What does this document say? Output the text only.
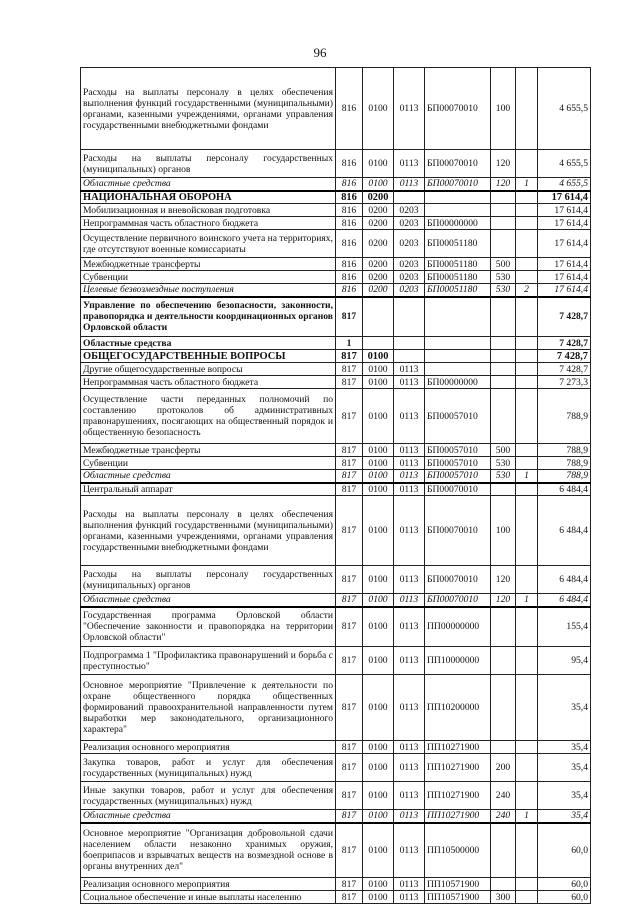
96
Расходы на выплаты персоналу в целях обеспечения выполнения функций государственными (муниципальными) органами, казенными учреждениями, органами управления государственными внебюджетными фондами	816	0100	0113	БП00070010	100		4 655,5
Расходы на выплаты персоналу государственных (муниципальных) органов	816	0100	0113	БП00070010	120		4 655,5
Областные средства	816	0100	0113	БП00070010	120	1	4 655,5
НАЦИОНАЛЬНАЯ ОБОРОНА	816	0200					17 614,4
Мобилизационная и вневойсковая подготовка	816	0200	0203				17 614,4
Непрограммная часть областного бюджета	816	0200	0203	БП00000000			17 614,4
Осуществление первичного воинского учета на территориях, где отсутствуют военные комиссариаты	816	0200	0203	БП00051180			17 614,4
Межбюджетные трансферты	816	0200	0203	БП00051180	500		17 614,4
Субвенции	816	0200	0203	БП00051180	530		17 614,4
Целевые безвозмездные поступления	816	0200	0203	БП00051180	530	2	17 614,4
Управление по обеспечению безопасности, законности, правопорядка и деятельности координационных органов Орловской области	817						7 428,7
Областные средства	1						7 428,7
ОБЩЕГОСУДАРСТВЕННЫЕ ВОПРОСЫ	817	0100					7 428,7
Другие общегосударственные вопросы	817	0100	0113				7 428,7
Непрограммная часть областного бюджета	817	0100	0113	БП00000000			7 273,3
Осуществление части переданных полномочий по составлению протоколов об административных правонарушениях, посягающих на общественный порядок и общественную безопасность	817	0100	0113	БП00057010			788,9
Межбюджетные трансферты	817	0100	0113	БП00057010	500		788,9
Субвенции	817	0100	0113	БП00057010	530		788,9
Областные средства	817	0100	0113	БП00057010	530	1	788,9
Центральный аппарат	817	0100	0113	БП00070010			6 484,4
Расходы на выплаты персоналу в целях обеспечения выполнения функций государственными (муниципальными) органами, казенными учреждениями, органами управления государственными внебюджетными фондами	817	0100	0113	БП00070010	100		6 484,4
Расходы на выплаты персоналу государственных (муниципальных) органов	817	0100	0113	БП00070010	120		6 484,4
Областные средства	817	0100	0113	БП00070010	120	1	6 484,4
Государственная программа Орловской области "Обеспечение законности и правопорядка на территории Орловской области"	817	0100	0113	ПП00000000			155,4
Подпрограмма 1 "Профилактика правонарушений и борьба с преступностью"	817	0100	0113	ПП10000000			95,4
Основное мероприятие "Привлечение к деятельности по охране общественного порядка общественных формирований правоохранительной направленности путем выработки мер законодательного, организационного характера"	817	0100	0113	ПП10200000			35,4
Реализация основного мероприятия	817	0100	0113	ПП10271900			35,4
Закупка товаров, работ и услуг для обеспечения государственных (муниципальных) нужд	817	0100	0113	ПП10271900	200		35,4
Иные закупки товаров, работ и услуг для обеспечения государственных (муниципальных) нужд	817	0100	0113	ПП10271900	240		35,4
Областные средства	817	0100	0113	ПП10271900	240	1	35,4
Основное мероприятие "Организация добровольной сдачи населением области незаконно хранимых оружия, боеприпасов и взрывчатых веществ на возмездной основе в органы внутренних дел"	817	0100	0113	ПП10500000			60,0
Реализация основного мероприятия	817	0100	0113	ПП10571900			60,0
Социальное обеспечение и иные выплаты населению	817	0100	0113	ПП10571900	300		60,0
